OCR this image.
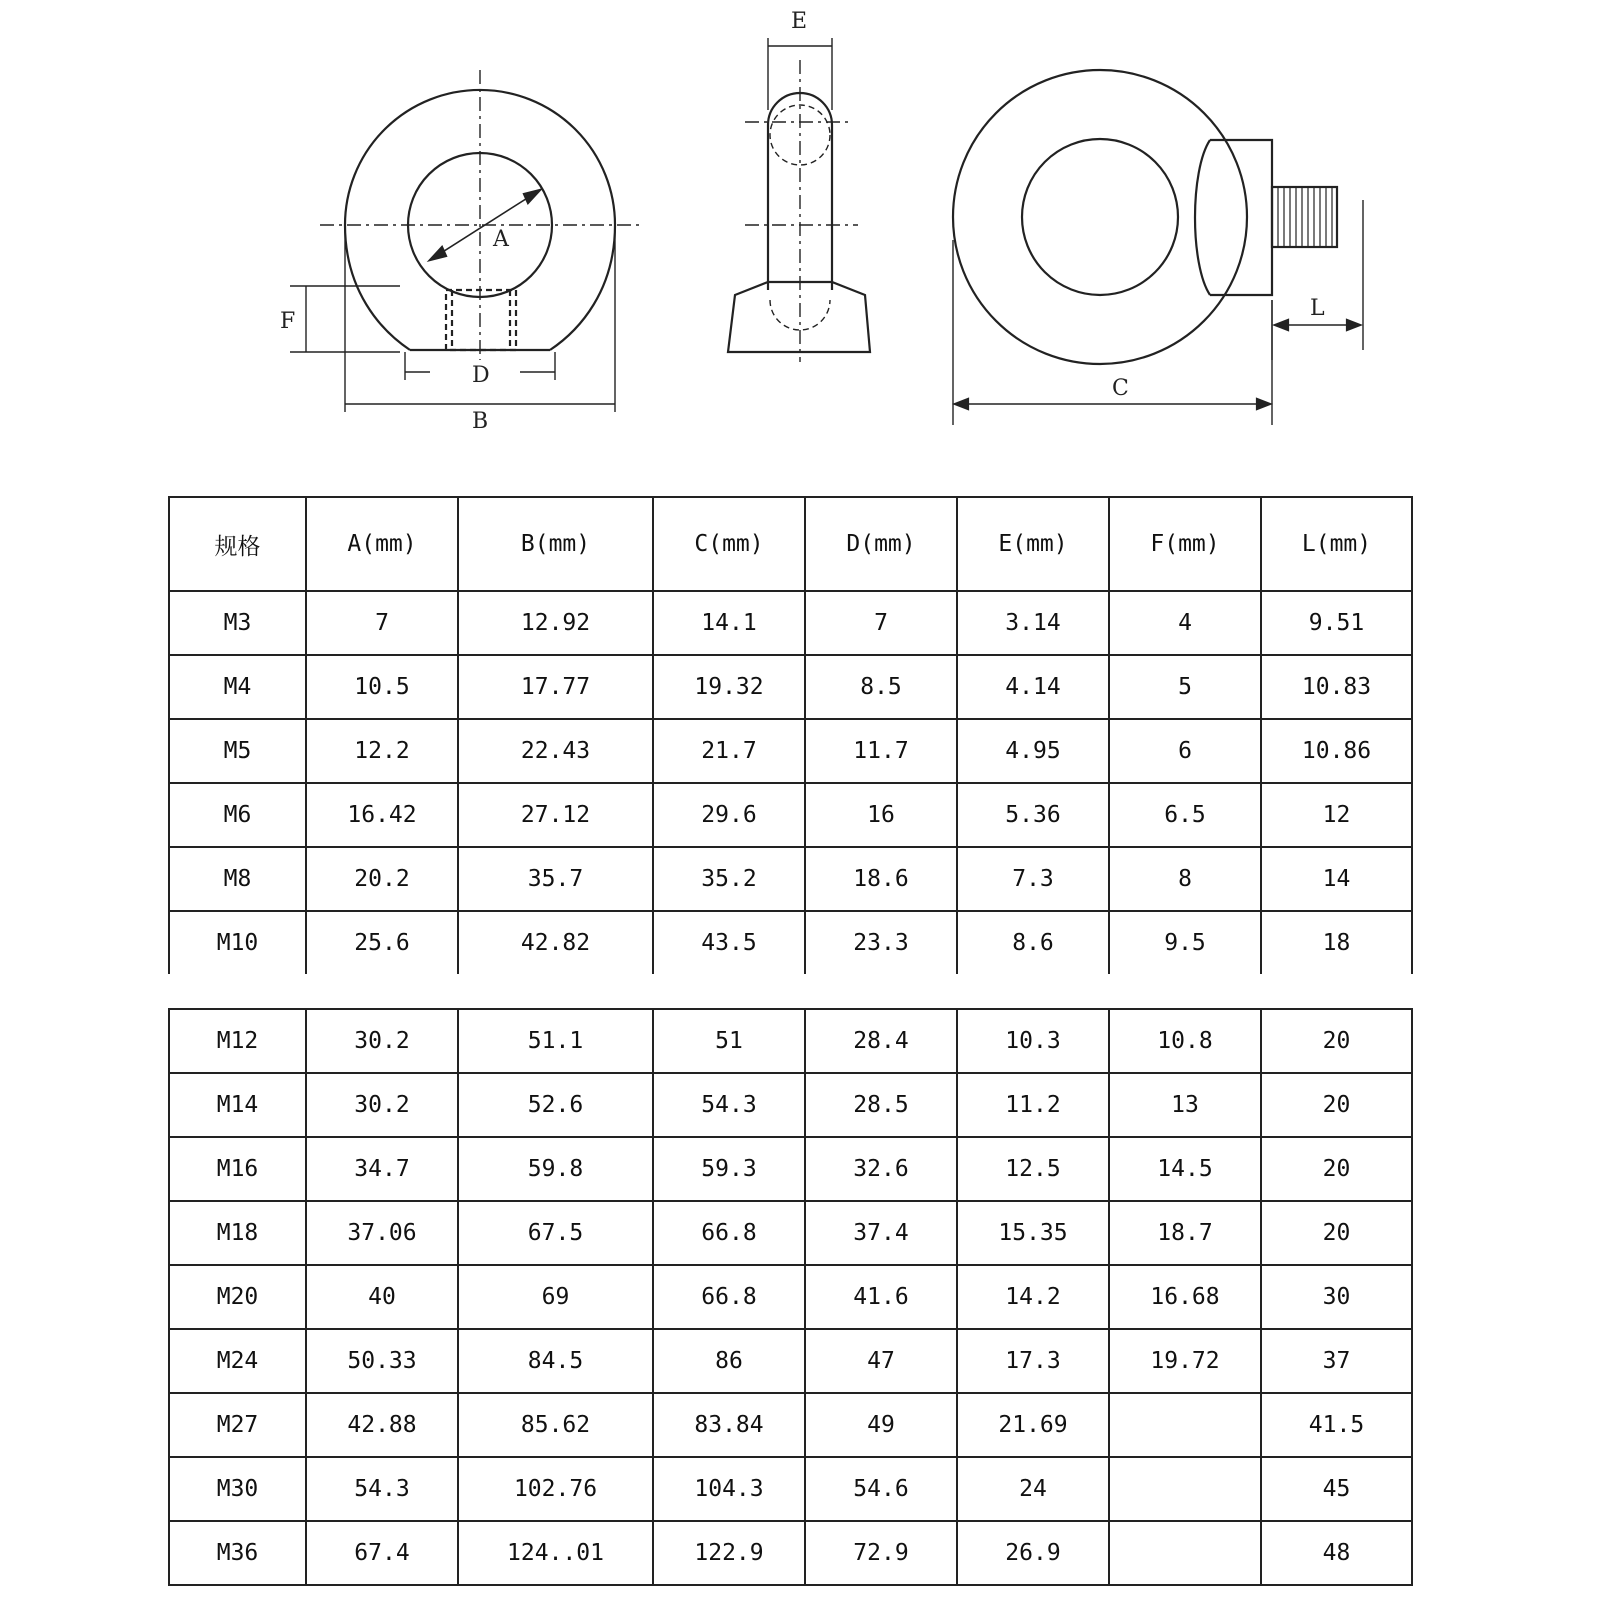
A
F
D
B
E
L
C
规格	A(mm)	B(mm)	C(mm)	D(mm)	E(mm)	F(mm)	L(mm)
M3	7	12.92	14.1	7	3.14	4	9.51
M4	10.5	17.77	19.32	8.5	4.14	5	10.83
M5	12.2	22.43	21.7	11.7	4.95	6	10.86
M6	16.42	27.12	29.6	16	5.36	6.5	12
M8	20.2	35.7	35.2	18.6	7.3	8	14
M10	25.6	42.82	43.5	23.3	8.6	9.5	18
M12	30.2	51.1	51	28.4	10.3	10.8	20
M14	30.2	52.6	54.3	28.5	11.2	13	20
M16	34.7	59.8	59.3	32.6	12.5	14.5	20
M18	37.06	67.5	66.8	37.4	15.35	18.7	20
M20	40	69	66.8	41.6	14.2	16.68	30
M24	50.33	84.5	86	47	17.3	19.72	37
M27	42.88	85.62	83.84	49	21.69		41.5
M30	54.3	102.76	104.3	54.6	24		45
M36	67.4	124..01	122.9	72.9	26.9		48
